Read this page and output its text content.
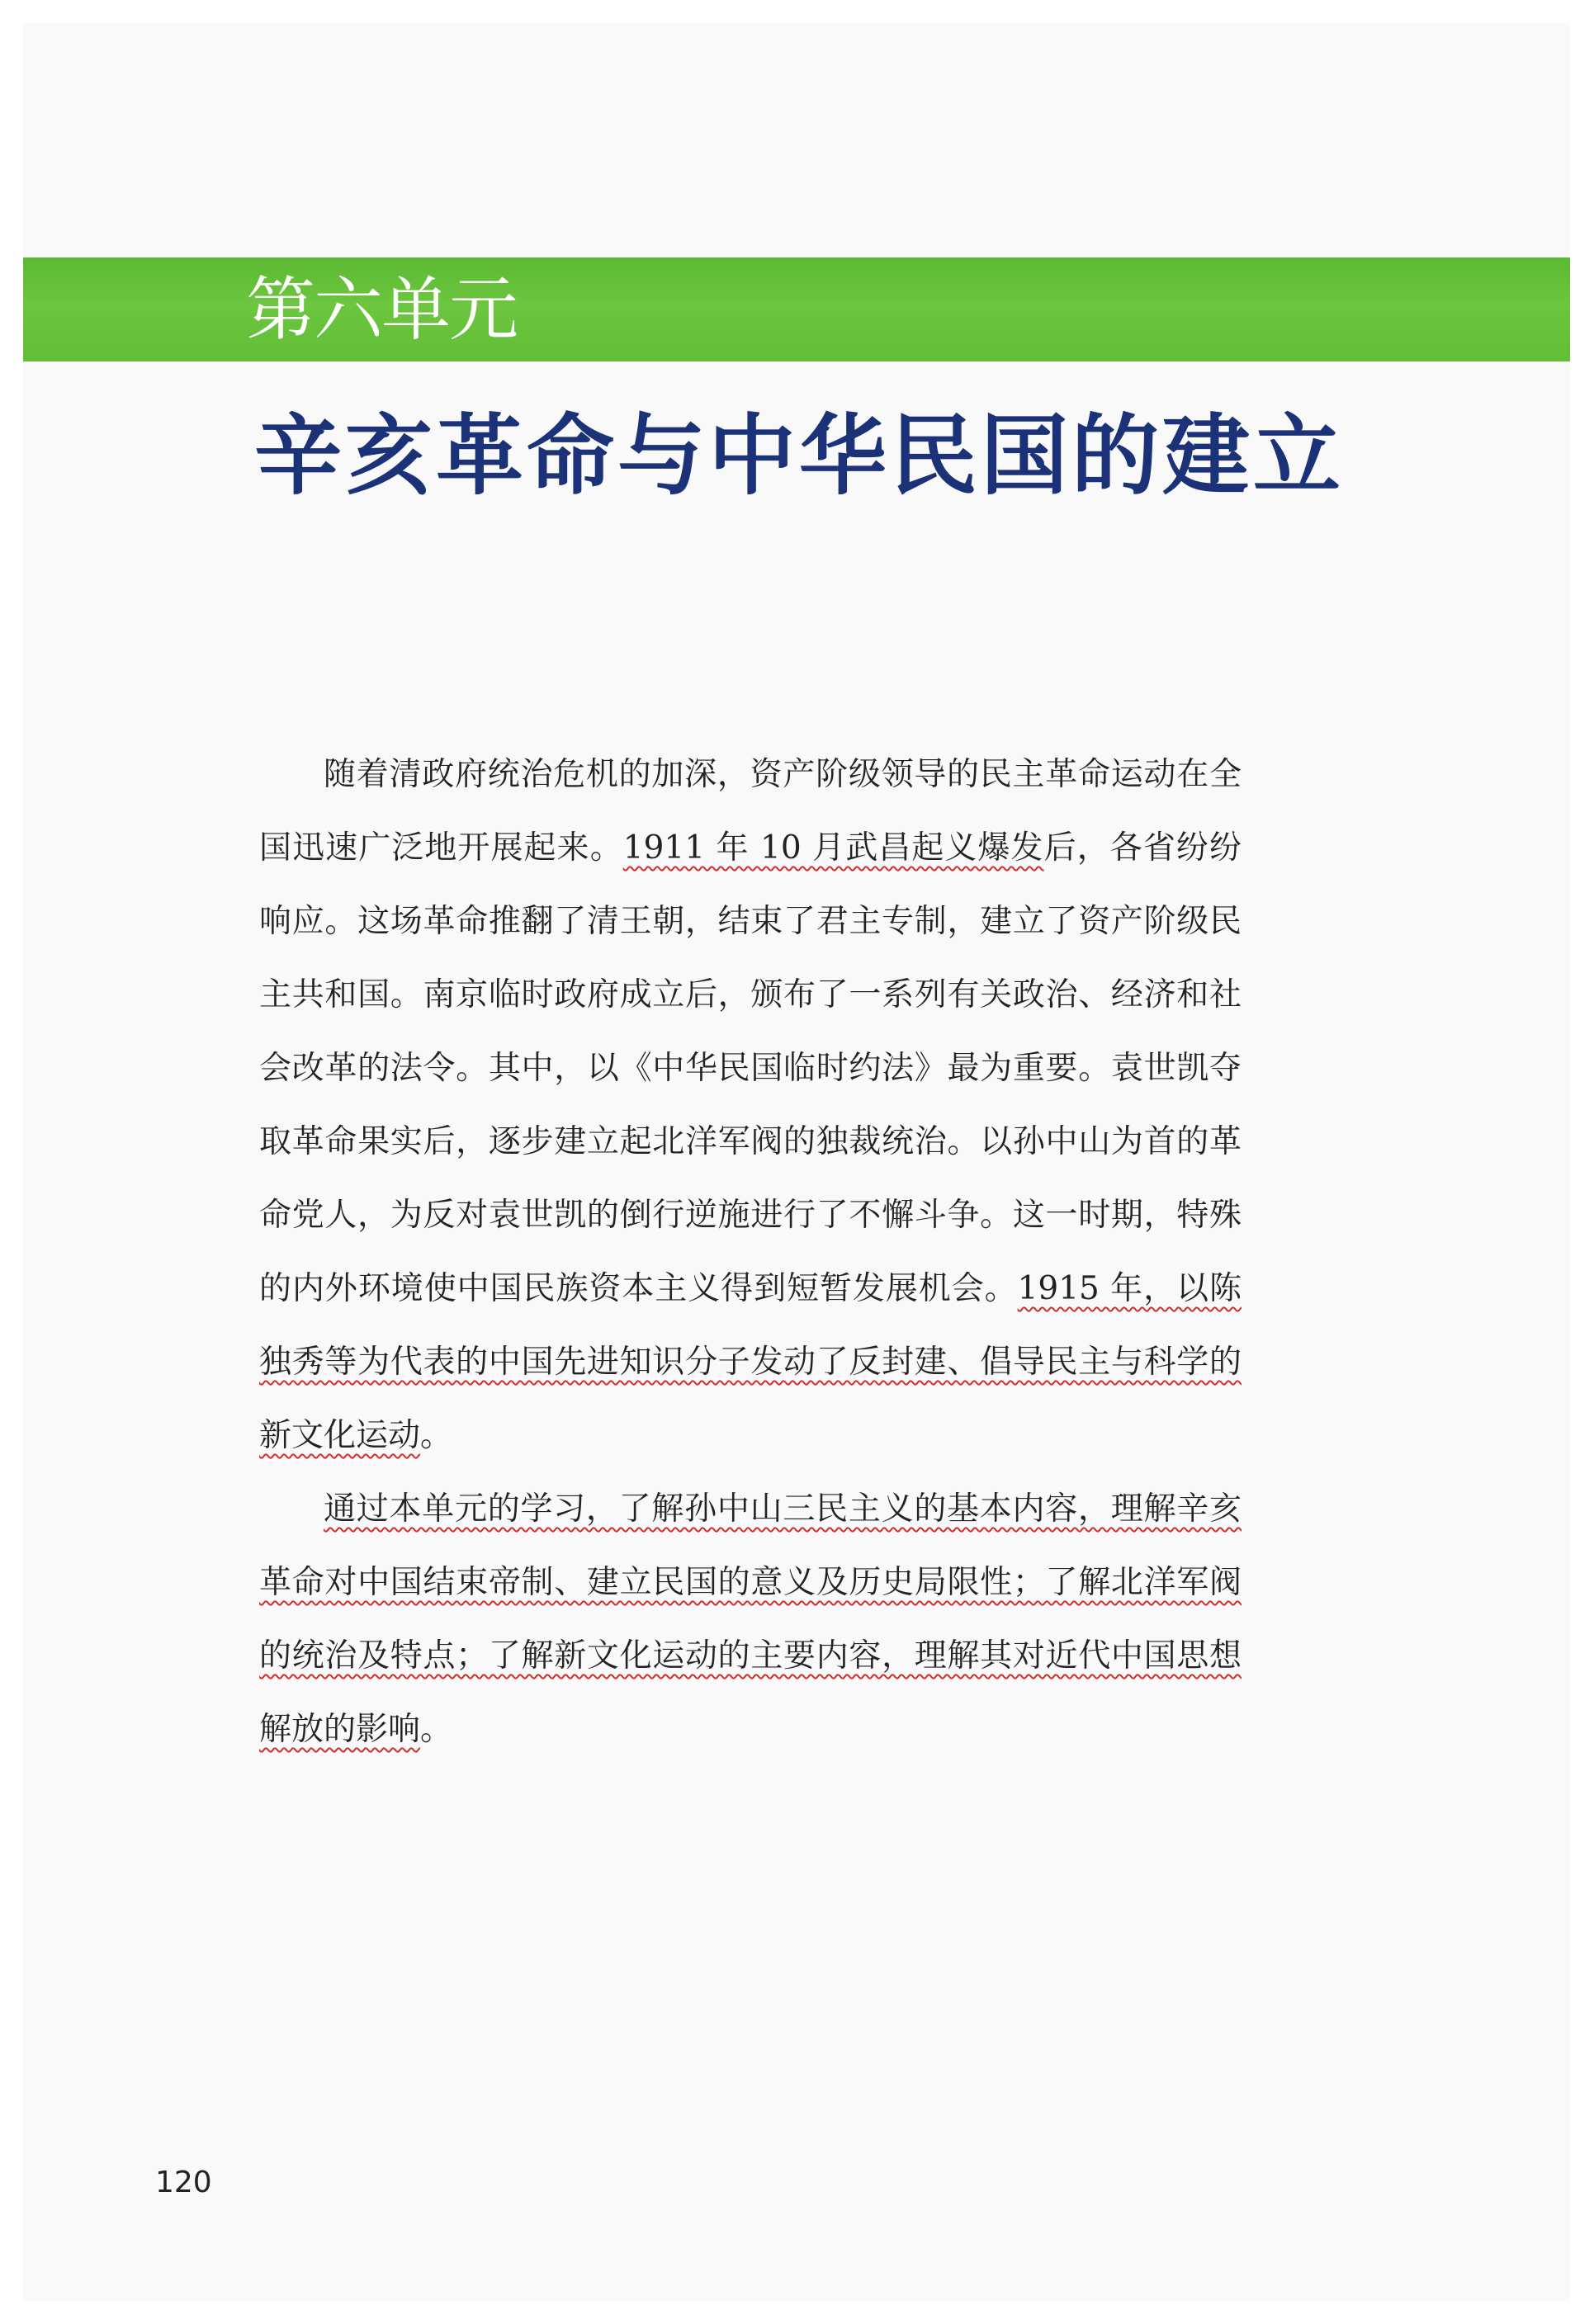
第六单元
辛亥革命与中华民国的建立

随着清政府统治危机的加深，资产阶级领导的民主革命运动在全国迅速广泛地开展起来。1911 年 10 月武昌起义爆发后，各省纷纷响应。这场革命推翻了清王朝，结束了君主专制，建立了资产阶级民主共和国。南京临时政府成立后，颁布了一系列有关政治、经济和社会改革的法令。其中，以《中华民国临时约法》最为重要。袁世凯夺取革命果实后，逐步建立起北洋军阀的独裁统治。以孙中山为首的革命党人，为反对袁世凯的倒行逆施进行了不懈斗争。这一时期，特殊的内外环境使中国民族资本主义得到短暂发展机会。1915 年，以陈独秀等为代表的中国先进知识分子发动了反封建、倡导民主与科学的新文化运动。

通过本单元的学习，了解孙中山三民主义的基本内容，理解辛亥革命对中国结束帝制、建立民国的意义及历史局限性；了解北洋军阀的统治及特点；了解新文化运动的主要内容，理解其对近代中国思想解放的影响。

120
